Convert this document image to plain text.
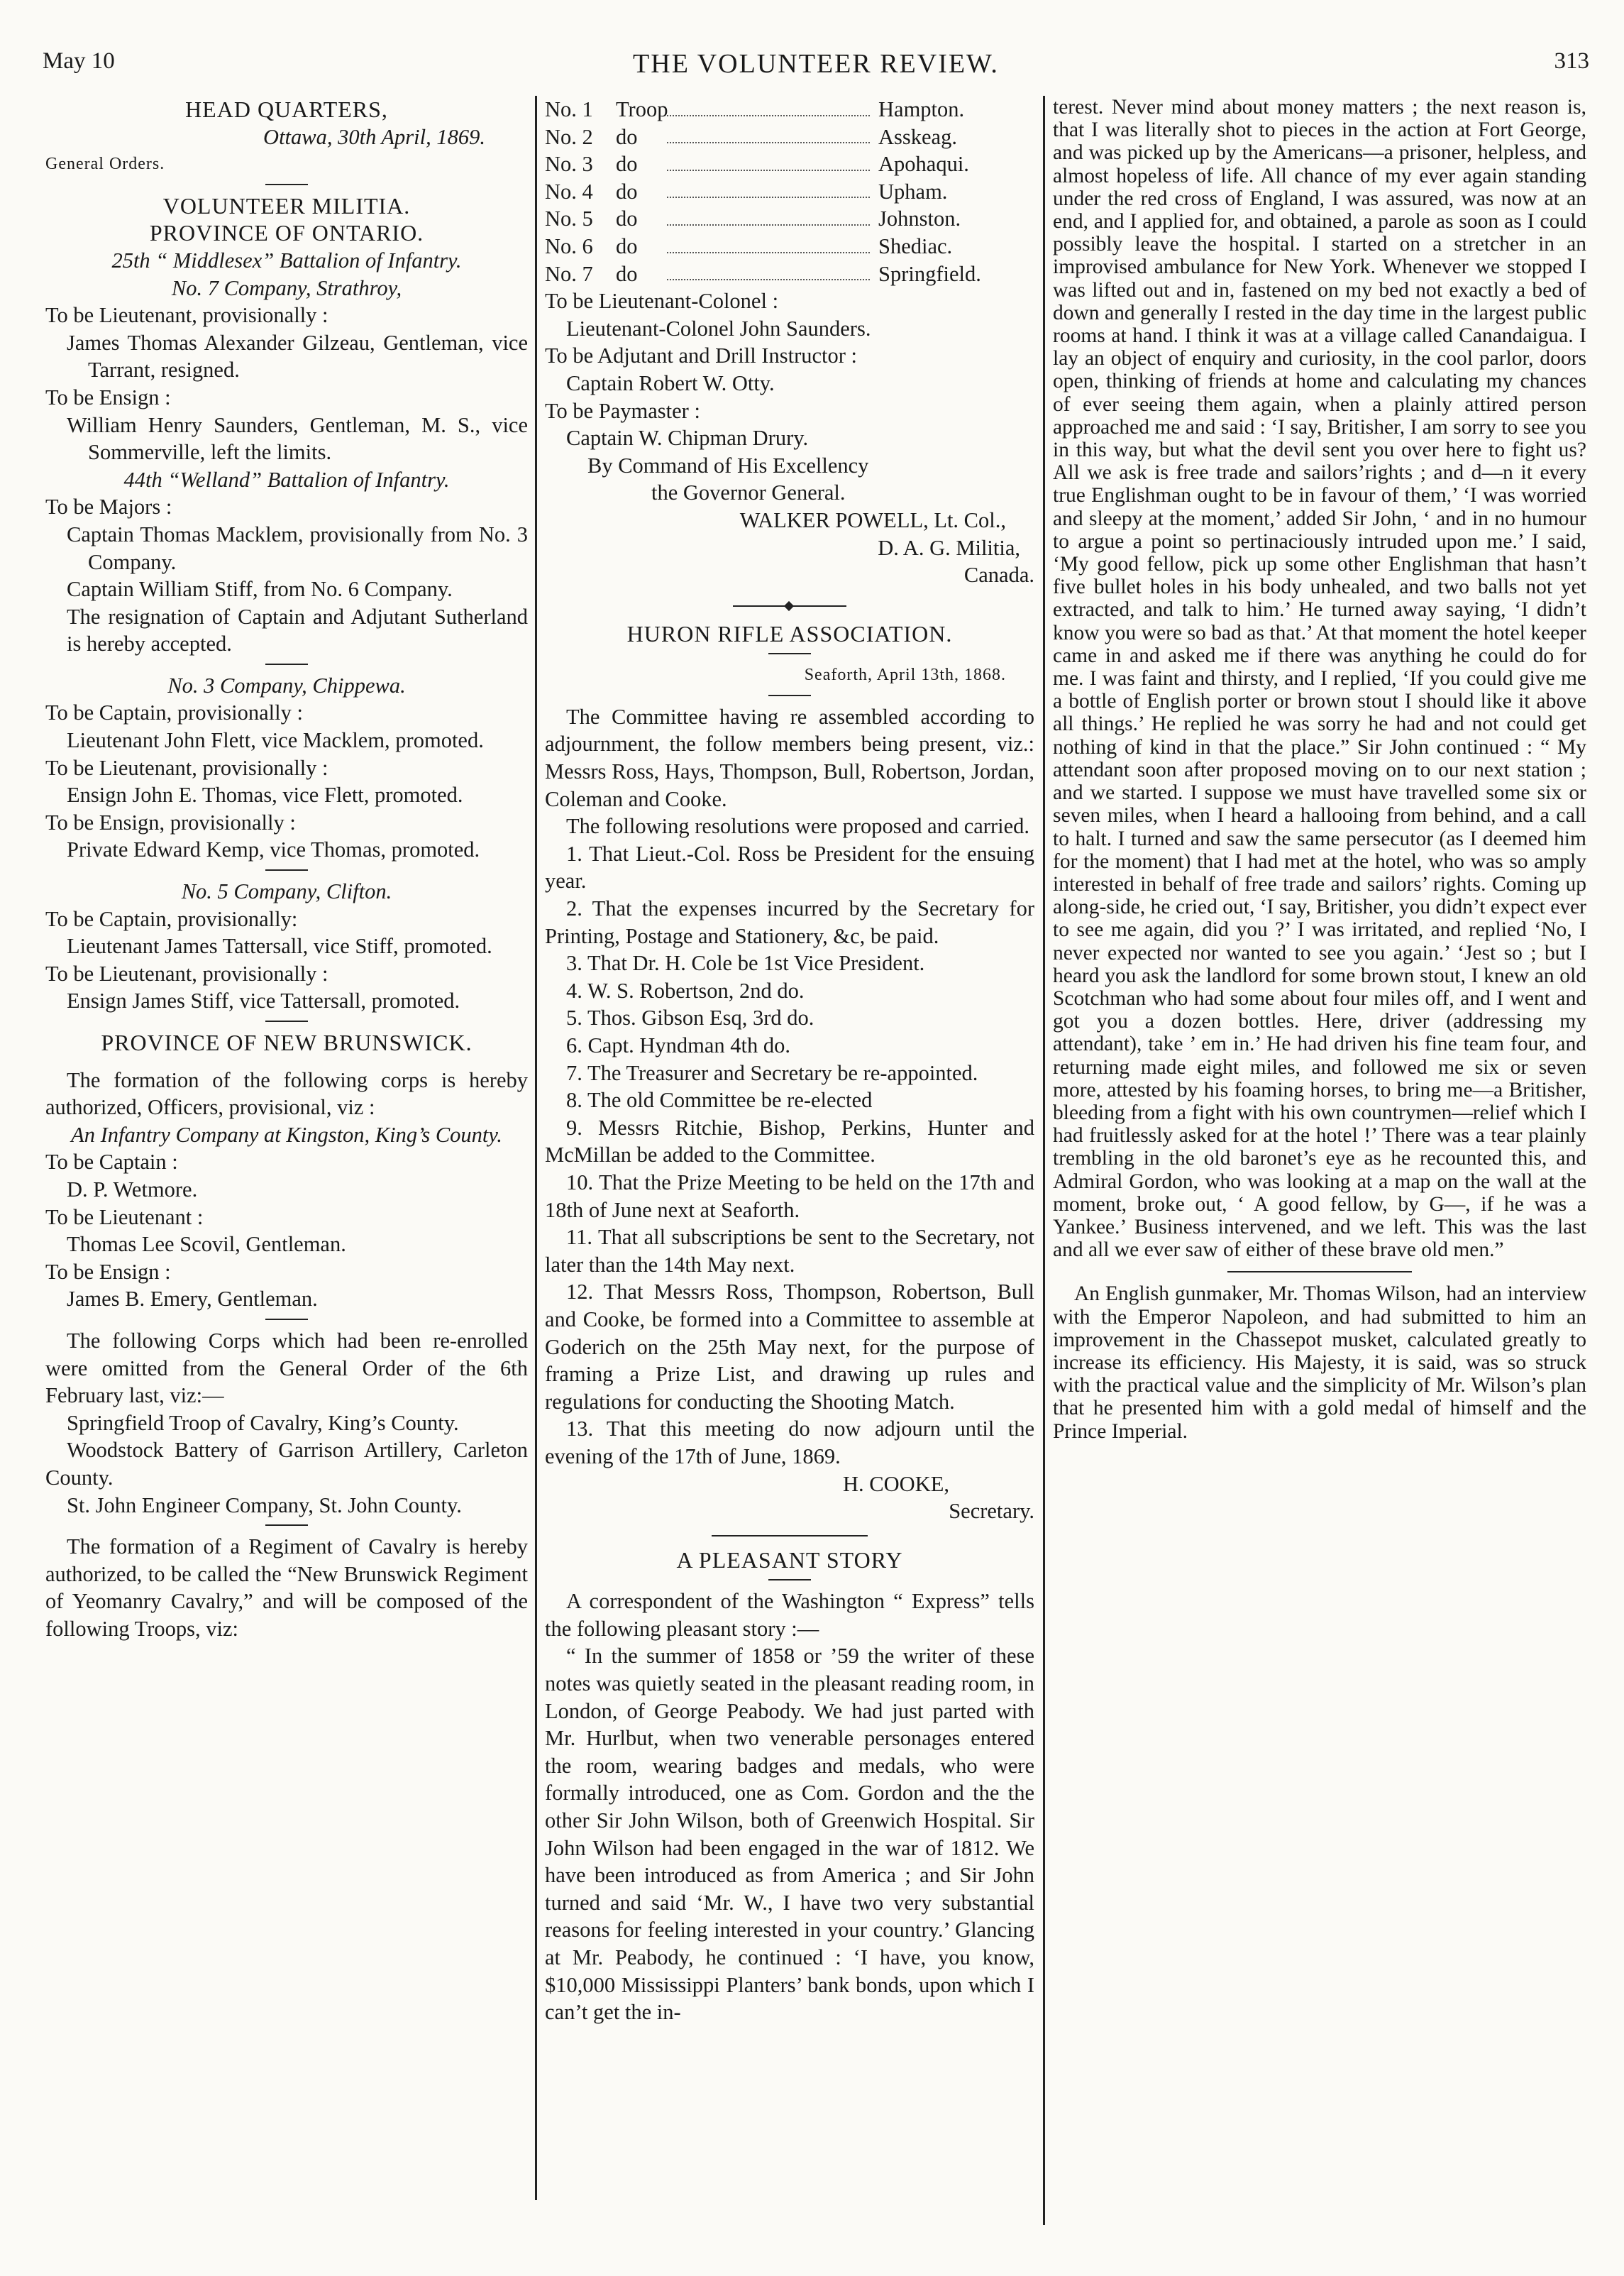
May 10	THE VOLUNTEER REVIEW.	313
HEAD QUARTERS,
Ottawa, 30th April, 1869.
General Orders.
VOLUNTEER MILITIA.
PROVINCE OF ONTARIO.
25th “ Middlesex” Battalion of Infantry.
No. 7 Company, Strathroy,
To be Lieutenant, provisionally :
James Thomas Alexander Gilzeau, Gentleman, vice Tarrant, resigned.
To be Ensign :
William Henry Saunders, Gentleman, M. S., vice Sommerville, left the limits.
44th “Welland” Battalion of Infantry.
To be Majors :
Captain Thomas Macklem, provisionally from No. 3 Company.
Captain William Stiff, from No. 6 Company.
The resignation of Captain and Adjutant Sutherland is hereby accepted.
No. 3 Company, Chippewa.
To be Captain, provisionally :
Lieutenant John Flett, vice Macklem, promoted.
To be Lieutenant, provisionally :
Ensign John E. Thomas, vice Flett, promoted.
To be Ensign, provisionally :
Private Edward Kemp, vice Thomas, promoted.
No. 5 Company, Clifton.
To be Captain, provisionally:
Lieutenant James Tattersall, vice Stiff, promoted.
To be Lieutenant, provisionally :
Ensign James Stiff, vice Tattersall, promoted.
PROVINCE OF NEW BRUNSWICK.
The formation of the following corps is hereby authorized, Officers, provisional, viz :
An Infantry Company at Kingston, King’s County.
To be Captain :
D. P. Wetmore.
To be Lieutenant :
Thomas Lee Scovil, Gentleman.
To be Ensign :
James B. Emery, Gentleman.
The following Corps which had been re-enrolled were omitted from the General Order of the 6th February last, viz:—
Springfield Troop of Cavalry, King’s County.
Woodstock Battery of Garrison Artillery, Carleton County.
St. John Engineer Company, St. John County.
The formation of a Regiment of Cavalry is hereby authorized, to be called the “New Brunswick Regiment of Yeomanry Cavalry,” and will be composed of the following Troops, viz:
No. 1	Troop	Hampton.
No. 2	do	Asskeag.
No. 3	do	Apohaqui.
No. 4	do	Upham.
No. 5	do	Johnston.
No. 6	do	Shediac.
No. 7	do	Springfield.
To be Lieutenant-Colonel :
Lieutenant-Colonel John Saunders.
To be Adjutant and Drill Instructor :
Captain Robert W. Otty.
To be Paymaster :
Captain W. Chipman Drury.
By Command of His Excellency
the Governor General.
WALKER POWELL, Lt. Col.,
D. A. G. Militia,
Canada.
HURON RIFLE ASSOCIATION.
Seaforth, April 13th, 1868.
The Committee having re assembled according to adjournment, the follow members being present, viz.: Messrs Ross, Hays, Thompson, Bull, Robertson, Jordan, Coleman and Cooke.
The following resolutions were proposed and carried.
1. That Lieut.-Col. Ross be President for the ensuing year.
2. That the expenses incurred by the Secretary for Printing, Postage and Stationery, &c, be paid.
3. That Dr. H. Cole be 1st Vice President.
4. W. S. Robertson, 2nd do.
5. Thos. Gibson Esq, 3rd do.
6. Capt. Hyndman 4th do.
7. The Treasurer and Secretary be re-appointed.
8. The old Committee be re-elected
9. Messrs Ritchie, Bishop, Perkins, Hunter and McMillan be added to the Committee.
10. That the Prize Meeting to be held on the 17th and 18th of June next at Seaforth.
11. That all subscriptions be sent to the Secretary, not later than the 14th May next.
12. That Messrs Ross, Thompson, Robertson, Bull and Cooke, be formed into a Committee to assemble at Goderich on the 25th May next, for the purpose of framing a Prize List, and drawing up rules and regulations for conducting the Shooting Match.
13. That this meeting do now adjourn until the evening of the 17th of June, 1869.
H. COOKE,
Secretary.
A PLEASANT STORY
A correspondent of the Washington “ Express” tells the following pleasant story :—
“ In the summer of 1858 or ’59 the writer of these notes was quietly seated in the pleasant reading room, in London, of George Peabody. We had just parted with Mr. Hurlbut, when two venerable personages entered the room, wearing badges and medals, who were formally introduced, one as Com. Gordon and the the other Sir John Wilson, both of Greenwich Hospital. Sir John Wilson had been engaged in the war of 1812. We have been introduced as from America ; and Sir John turned and said ‘Mr. W., I have two very substantial reasons for feeling interested in your country.’ Glancing at Mr. Peabody, he continued : ‘I have, you know, $10,000 Mississippi Planters’ bank bonds, upon which I can’t get the in-
terest. Never mind about money matters ; the next reason is, that I was literally shot to pieces in the action at Fort George, and was picked up by the Americans—a prisoner, helpless, and almost hopeless of life. All chance of my ever again standing under the red cross of England, I was assured, was now at an end, and I applied for, and obtained, a parole as soon as I could possibly leave the hospital. I started on a stretcher in an improvised ambulance for New York. Whenever we stopped I was lifted out and in, fastened on my bed not exactly a bed of down and generally I rested in the day time in the largest public rooms at hand. I think it was at a village called Canandaigua. I lay an object of enquiry and curiosity, in the cool parlor, doors open, thinking of friends at home and calculating my chances of ever seeing them again, when a plainly attired person approached me and said : ‘I say, Britisher, I am sorry to see you in this way, but what the devil sent you over here to fight us? All we ask is free trade and sailors’rights ; and d—n it every true Englishman ought to be in favour of them,’ ‘I was worried and sleepy at the moment,’ added Sir John, ‘ and in no humour to argue a point so pertinaciously intruded upon me.’ I said, ‘My good fellow, pick up some other Englishman that hasn’t five bullet holes in his body unhealed, and two balls not yet extracted, and talk to him.’ He turned away saying, ‘I didn’t know you were so bad as that.’ At that moment the hotel keeper came in and asked me if there was anything he could do for me. I was faint and thirsty, and I replied, ‘If you could give me a bottle of English porter or brown stout I should like it above all things.’ He replied he was sorry he had and not could get nothing of kind in that the place.” Sir John continued : “ My attendant soon after proposed moving on to our next station ; and we started. I suppose we must have travelled some six or seven miles, when I heard a hallooing from behind, and a call to halt. I turned and saw the same persecutor (as I deemed him for the moment) that I had met at the hotel, who was so amply interested in behalf of free trade and sailors’ rights. Coming up along-side, he cried out, ‘I say, Britisher, you didn’t expect ever to see me again, did you ?’ I was irritated, and replied ‘No, I never expected nor wanted to see you again.’ ‘Jest so ; but I heard you ask the landlord for some brown stout, I knew an old Scotchman who had some about four miles off, and I went and got you a dozen bottles. Here, driver (addressing my attendant), take ’ em in.’ He had driven his fine team four, and returning made eight miles, and followed me six or seven more, attested by his foaming horses, to bring me—a Britisher, bleeding from a fight with his own countrymen—relief which I had fruitlessly asked for at the hotel !’ There was a tear plainly trembling in the old baronet’s eye as he recounted this, and Admiral Gordon, who was looking at a map on the wall at the moment, broke out, ‘ A good fellow, by G—, if he was a Yankee.’ Business intervened, and we left. This was the last and all we ever saw of either of these brave old men.”
An English gunmaker, Mr. Thomas Wilson, had an interview with the Emperor Napoleon, and had submitted to him an improvement in the Chassepot musket, calculated greatly to increase its efficiency. His Majesty, it is said, was so struck with the practical value and the simplicity of Mr. Wilson’s plan that he presented him with a gold medal of himself and the Prince Imperial.
